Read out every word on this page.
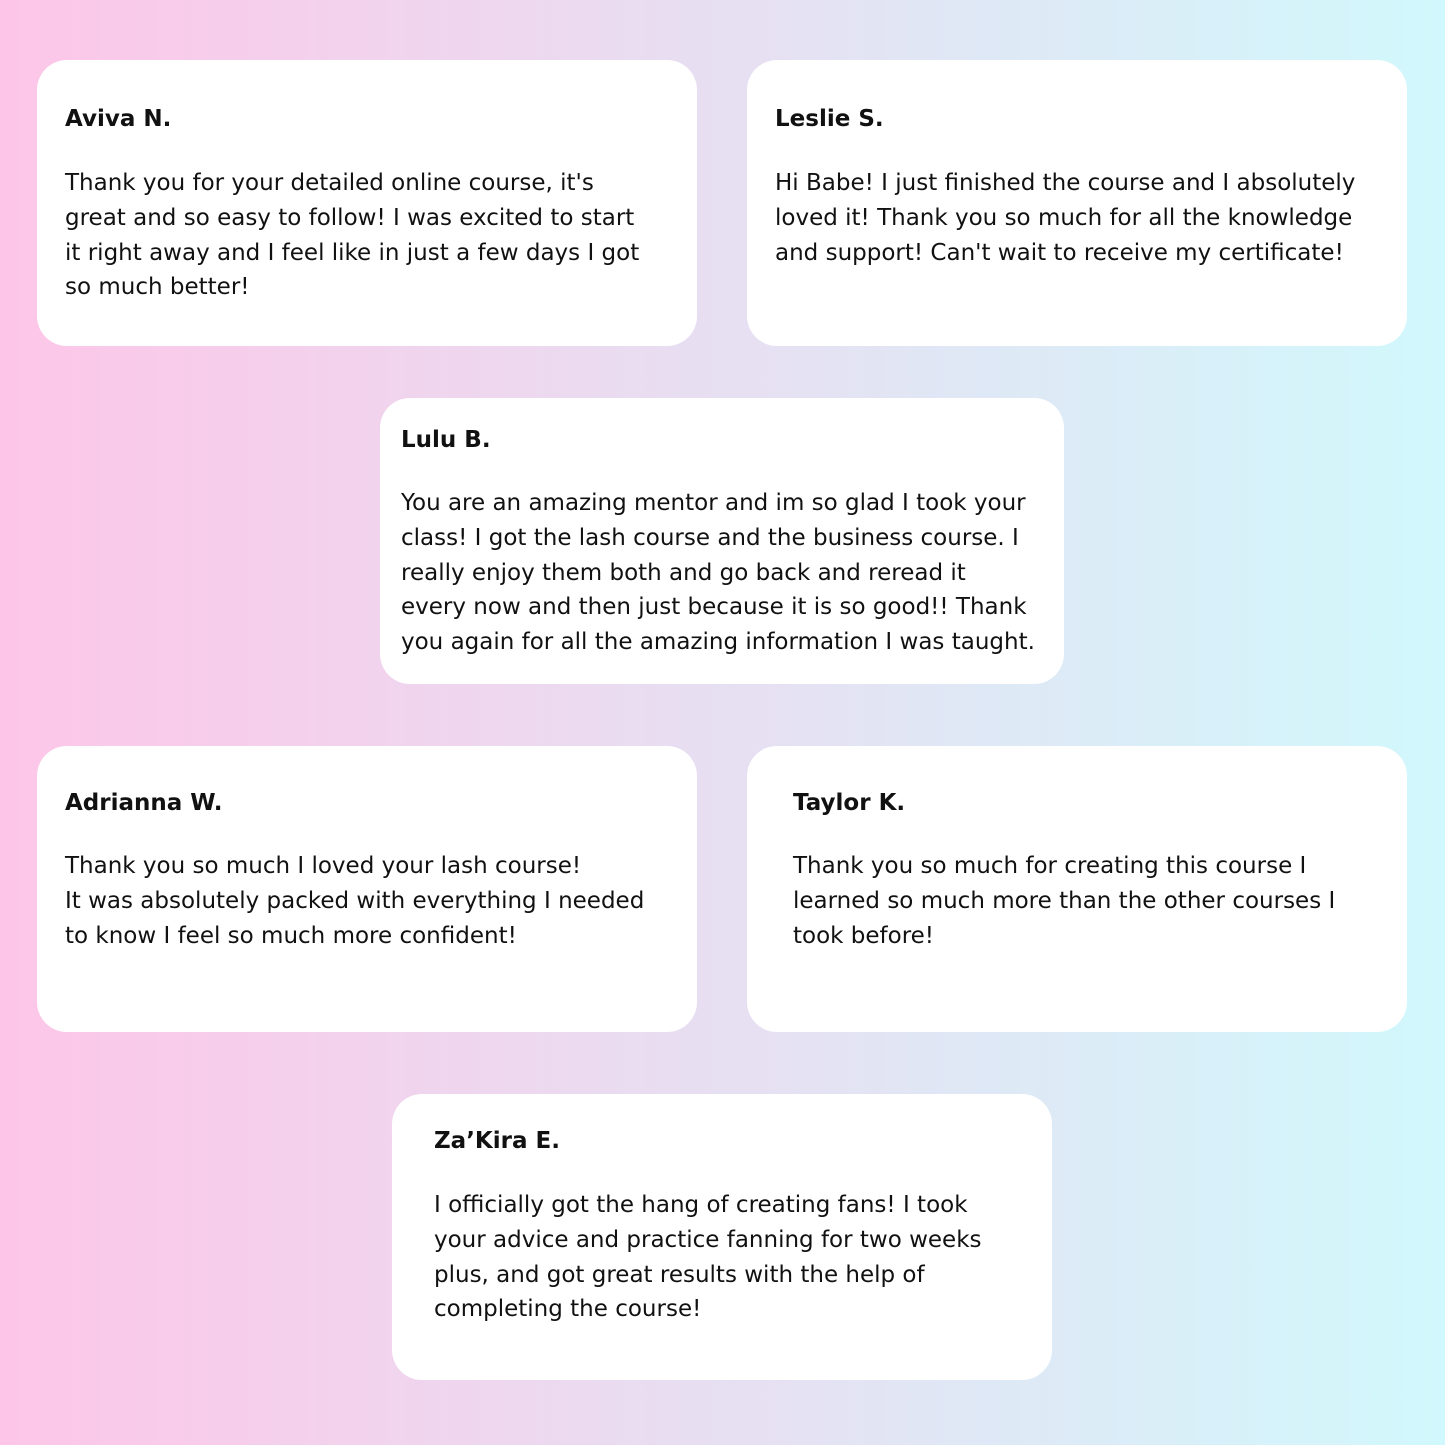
Aviva N.
Thank you for your detailed online course, it's
great and so easy to follow! I was excited to start
it right away and I feel like in just a few days I got
so much better!
Leslie S.
Hi Babe! I just finished the course and I absolutely
loved it! Thank you so much for all the knowledge
and support! Can't wait to receive my certificate!
Lulu B.
You are an amazing mentor and im so glad I took your
class! I got the lash course and the business course. I
really enjoy them both and go back and reread it
every now and then just because it is so good!! Thank
you again for all the amazing information I was taught.
Adrianna W.
Thank you so much I loved your lash course!
It was absolutely packed with everything I needed
to know I feel so much more confident!
Taylor K.
Thank you so much for creating this course I
learned so much more than the other courses I
took before!
Za’Kira E.
I officially got the hang of creating fans! I took
your advice and practice fanning for two weeks
plus, and got great results with the help of
completing the course!
